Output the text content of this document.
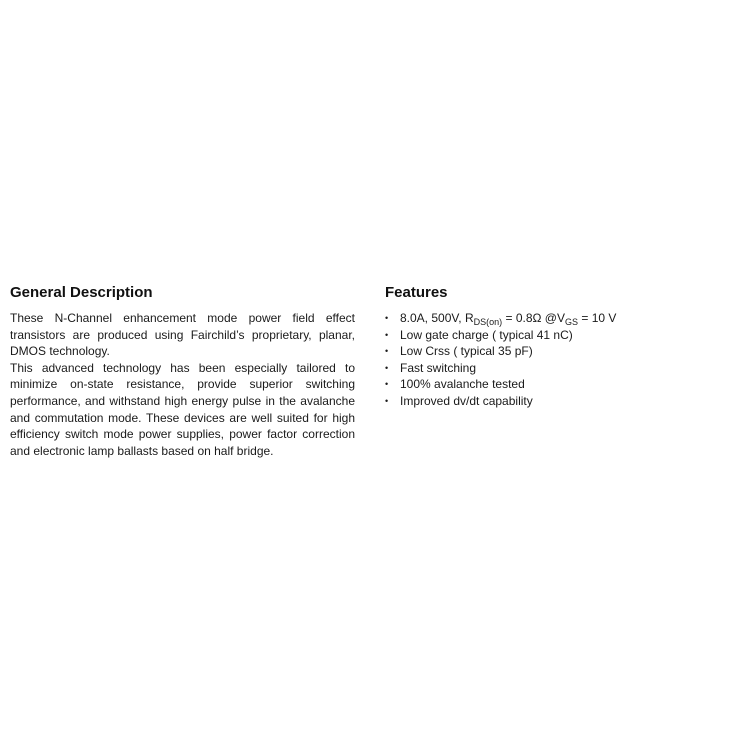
General Description

These N-Channel enhancement mode power field effect transistors are produced using Fairchild’s proprietary, planar, DMOS technology.

This advanced technology has been especially tailored to minimize on-state resistance, provide superior switching performance, and withstand high energy pulse in the avalanche and commutation mode. These devices are well suited for high efficiency switch mode power supplies, power factor correction and electronic lamp ballasts based on half bridge.

Features
• 8.0A, 500V, $R_{DS(on)} = 0.8\Omega$ $@V_{GS} = 10$ V
• Low gate charge ( typical 41 nC)
• Low Crss ( typical 35 pF)
• Fast switching
• 100% avalanche tested
• Improved dv/dt capability
